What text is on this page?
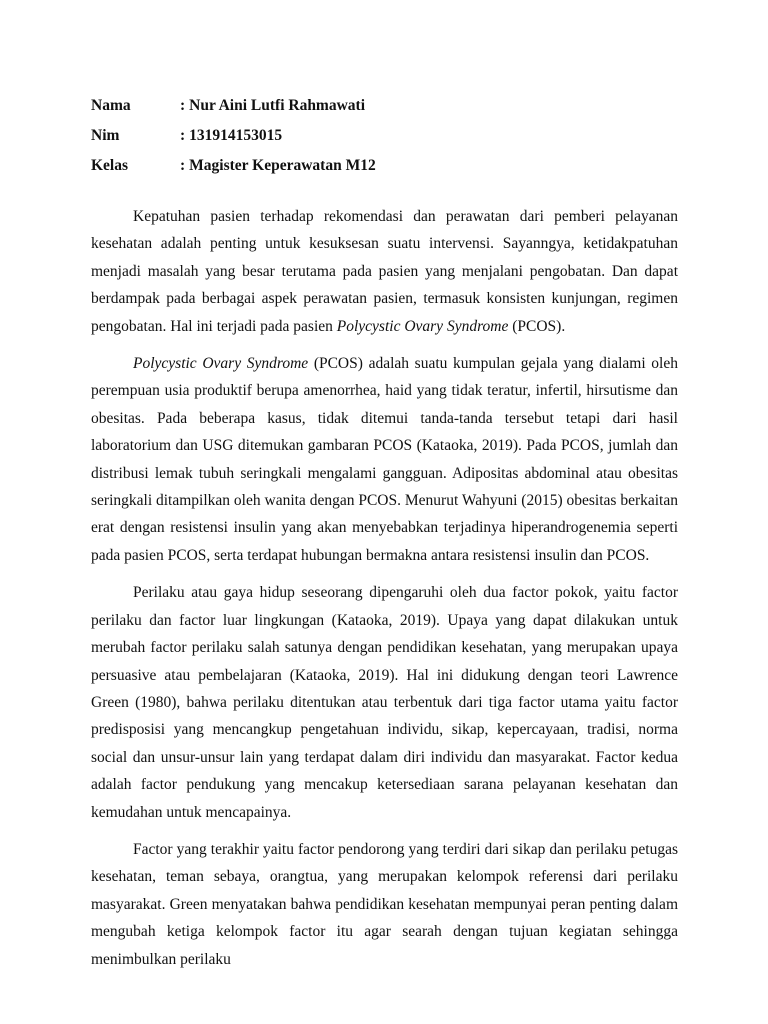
Nama	: Nur Aini Lutfi Rahmawati
Nim	: 131914153015
Kelas	: Magister Keperawatan M12

Kepatuhan pasien terhadap rekomendasi dan perawatan dari pemberi pelayanan kesehatan adalah penting untuk kesuksesan suatu intervensi. Sayanngya, ketidakpatuhan menjadi masalah yang besar terutama pada pasien yang menjalani pengobatan. Dan dapat berdampak pada berbagai aspek perawatan pasien, termasuk konsisten kunjungan, regimen pengobatan. Hal ini terjadi pada pasien Polycystic Ovary Syndrome (PCOS).

Polycystic Ovary Syndrome (PCOS) adalah suatu kumpulan gejala yang dialami oleh perempuan usia produktif berupa amenorrhea, haid yang tidak teratur, infertil, hirsutisme dan obesitas. Pada beberapa kasus, tidak ditemui tanda-tanda tersebut tetapi dari hasil laboratorium dan USG ditemukan gambaran PCOS (Kataoka, 2019). Pada PCOS, jumlah dan distribusi lemak tubuh seringkali mengalami gangguan. Adipositas abdominal atau obesitas seringkali ditampilkan oleh wanita dengan PCOS. Menurut Wahyuni (2015) obesitas berkaitan erat dengan resistensi insulin yang akan menyebabkan terjadinya hiperandrogenemia seperti pada pasien PCOS, serta terdapat hubungan bermakna antara resistensi insulin dan PCOS.

Perilaku atau gaya hidup seseorang dipengaruhi oleh dua factor pokok, yaitu factor perilaku dan factor luar lingkungan (Kataoka, 2019). Upaya yang dapat dilakukan untuk merubah factor perilaku salah satunya dengan pendidikan kesehatan, yang merupakan upaya persuasive atau pembelajaran (Kataoka, 2019). Hal ini didukung dengan teori Lawrence Green (1980), bahwa perilaku ditentukan atau terbentuk dari tiga factor utama yaitu factor predisposisi yang mencangkup pengetahuan individu, sikap, kepercayaan, tradisi, norma social dan unsur-unsur lain yang terdapat dalam diri individu dan masyarakat. Factor kedua adalah factor pendukung yang mencakup ketersediaan sarana pelayanan kesehatan dan kemudahan untuk mencapainya.

Factor yang terakhir yaitu factor pendorong yang terdiri dari sikap dan perilaku petugas kesehatan, teman sebaya, orangtua, yang merupakan kelompok referensi dari perilaku masyarakat. Green menyatakan bahwa pendidikan kesehatan mempunyai peran penting dalam mengubah ketiga kelompok factor itu agar searah dengan tujuan kegiatan sehingga menimbulkan perilaku
